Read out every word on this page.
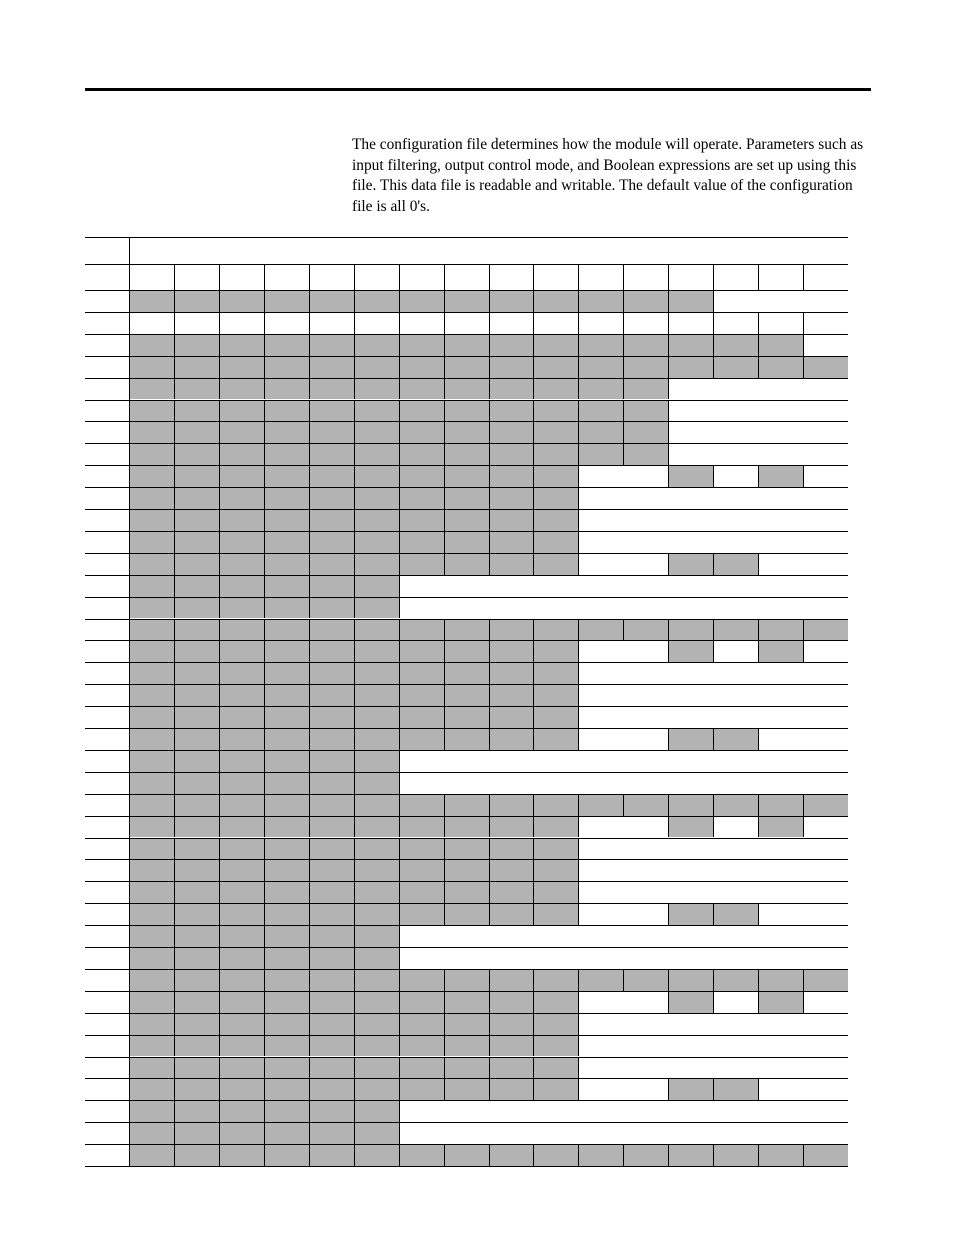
The configuration file determines how the module will operate. Parameters such as input filtering, output control mode, and Boolean expressions are set up using this file. This data file is readable and writable. The default value of the configuration file is all 0's.
